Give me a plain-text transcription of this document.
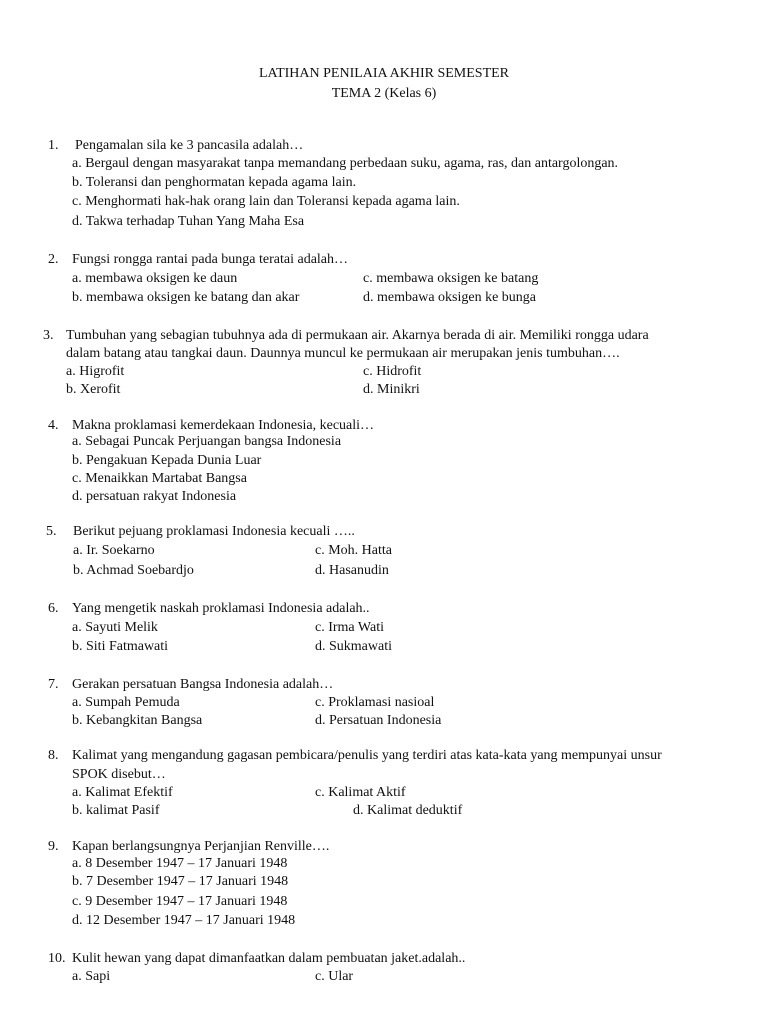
LATIHAN PENILAIA AKHIR SEMESTER
TEMA 2 (Kelas 6)
1. Pengamalan sila ke 3 pancasila adalah…
a. Bergaul dengan masyarakat tanpa memandang perbedaan suku, agama, ras, dan antargolongan.
b. Toleransi dan penghormatan kepada agama lain.
c. Menghormati hak-hak orang lain dan Toleransi kepada agama lain.
d. Takwa terhadap Tuhan Yang Maha Esa
2. Fungsi rongga rantai pada bunga teratai adalah…
a. membawa oksigen ke daun	c. membawa oksigen ke batang
b. membawa oksigen ke batang dan akar	d. membawa oksigen ke bunga
3. Tumbuhan yang sebagian tubuhnya ada di permukaan air. Akarnya berada di air. Memiliki rongga udara
dalam batang atau tangkai daun. Daunnya muncul ke permukaan air merupakan jenis tumbuhan….
a. Higrofit	c. Hidrofit
b. Xerofit	d. Minikri
4. Makna proklamasi kemerdekaan Indonesia, kecuali…
a. Sebagai Puncak Perjuangan bangsa Indonesia
b. Pengakuan Kepada Dunia Luar
c. Menaikkan Martabat Bangsa
d. persatuan rakyat Indonesia
5. Berikut pejuang proklamasi Indonesia kecuali …..
a. Ir. Soekarno	c. Moh. Hatta
b. Achmad Soebardjo	d. Hasanudin
6. Yang mengetik naskah proklamasi Indonesia adalah..
a. Sayuti Melik	c. Irma Wati
b. Siti Fatmawati	d. Sukmawati
7. Gerakan persatuan Bangsa Indonesia adalah…
a. Sumpah Pemuda	c. Proklamasi nasioal
b. Kebangkitan Bangsa	d. Persatuan Indonesia
8. Kalimat yang mengandung gagasan pembicara/penulis yang terdiri atas kata-kata yang mempunyai unsur
SPOK disebut…
a. Kalimat Efektif	c. Kalimat Aktif
b. kalimat Pasif	d. Kalimat deduktif
9. Kapan berlangsungnya Perjanjian Renville….
a. 8 Desember 1947 – 17 Januari 1948
b. 7 Desember 1947 – 17 Januari 1948
c. 9 Desember 1947 – 17 Januari 1948
d. 12 Desember 1947 – 17 Januari 1948
10. Kulit hewan yang dapat dimanfaatkan dalam pembuatan jaket.adalah..
a. Sapi	c. Ular
